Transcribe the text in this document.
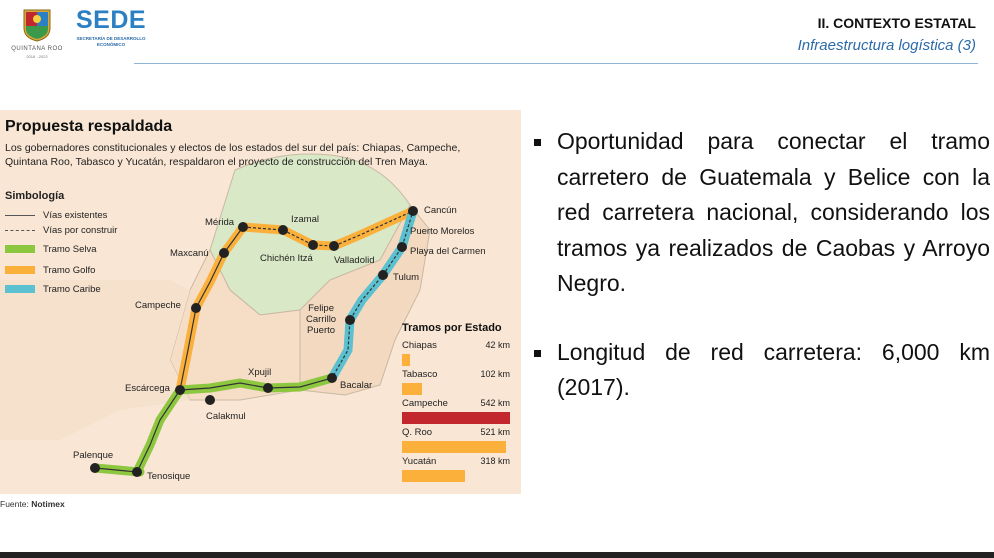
QUINTANA ROO
2016 - 2022
SEDE
SECRETARÍA DE DESARROLLO ECONÓMICO
II. CONTEXTO ESTATAL
Infraestructura logística (3)
Propuesta respaldada
Los gobernadores constitucionales y electos de los estados del sur del país: Chiapas, Campeche, Quintana Roo, Tabasco y Yucatán, respaldaron el proyecto de construcción del Tren Maya.
Simbología
Vías existentes
Vías por construir
Tramo Selva
Tramo Golfo
Tramo Caribe
Mérida	Izamal
Cancún
Puerto Morelos
Playa del Carmen
Maxcanú	Chichén Itzá Valladolid
Tulum
Campeche	Felipe
Carrillo
Puerto
Xpujil
Escárcega	Bacalar
Calakmul
Palenque
Tenosique
Tramos por Estado
Chiapas	42 km
Tabasco	102 km
Campeche	542 km
Q. Roo	521 km
Yucatán	318 km
Fuente: Notimex
Oportunidad para conectar el tramo carretero de Guatemala y Belice con la red carretera nacional, considerando los tramos ya realizados de Caobas y Arroyo Negro.
Longitud de red carretera: 6,000 km (2017).
